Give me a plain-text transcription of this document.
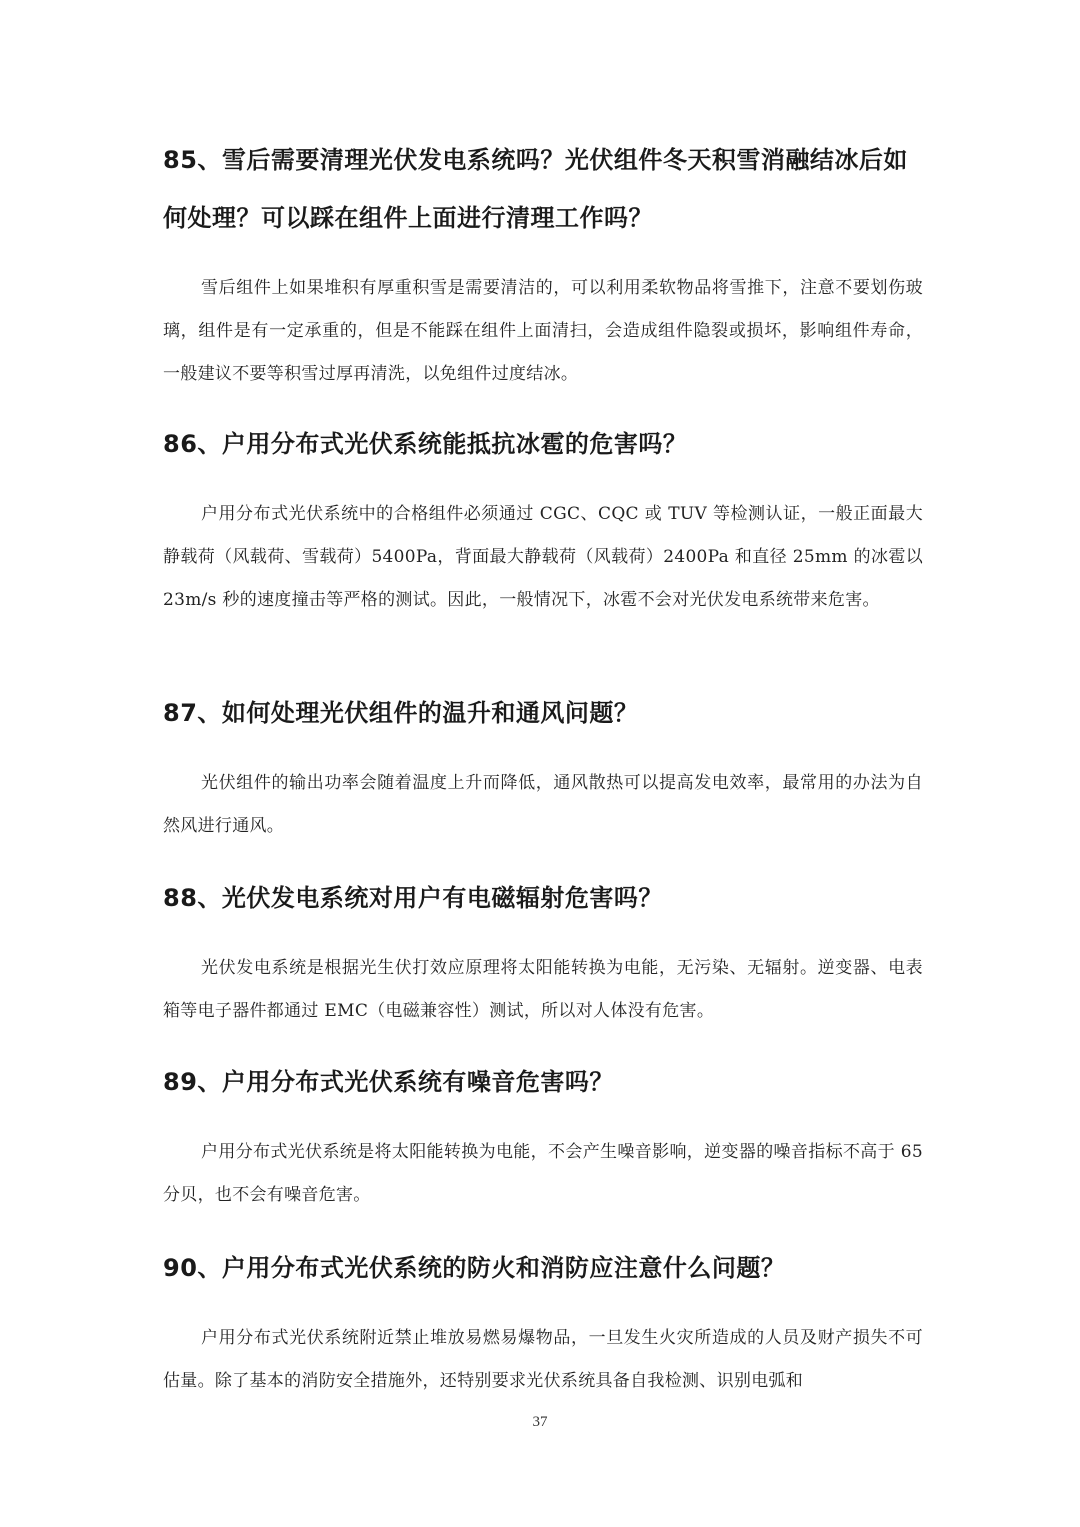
85、雪后需要清理光伏发电系统吗？光伏组件冬天积雪消融结冰后如何处理？可以踩在组件上面进行清理工作吗？

雪后组件上如果堆积有厚重积雪是需要清洁的，可以利用柔软物品将雪推下，注意不要划伤玻璃，组件是有一定承重的，但是不能踩在组件上面清扫，会造成组件隐裂或损坏，影响组件寿命，一般建议不要等积雪过厚再清洗，以免组件过度结冰。

86、户用分布式光伏系统能抵抗冰雹的危害吗？

户用分布式光伏系统中的合格组件必须通过 CGC、CQC 或 TUV 等检测认证，一般正面最大静载荷（风载荷、雪载荷）5400Pa，背面最大静载荷（风载荷）2400Pa 和直径 25mm 的冰雹以 23m/s 秒的速度撞击等严格的测试。因此，一般情况下，冰雹不会对光伏发电系统带来危害。

87、如何处理光伏组件的温升和通风问题？

光伏组件的输出功率会随着温度上升而降低，通风散热可以提高发电效率，最常用的办法为自然风进行通风。

88、光伏发电系统对用户有电磁辐射危害吗？

光伏发电系统是根据光生伏打效应原理将太阳能转换为电能，无污染、无辐射。逆变器、电表箱等电子器件都通过 EMC（电磁兼容性）测试，所以对人体没有危害。

89、户用分布式光伏系统有噪音危害吗？

户用分布式光伏系统是将太阳能转换为电能，不会产生噪音影响，逆变器的噪音指标不高于 65 分贝，也不会有噪音危害。

90、户用分布式光伏系统的防火和消防应注意什么问题？

户用分布式光伏系统附近禁止堆放易燃易爆物品，一旦发生火灾所造成的人员及财产损失不可估量。除了基本的消防安全措施外，还特别要求光伏系统具备自我检测、识别电弧和

37
